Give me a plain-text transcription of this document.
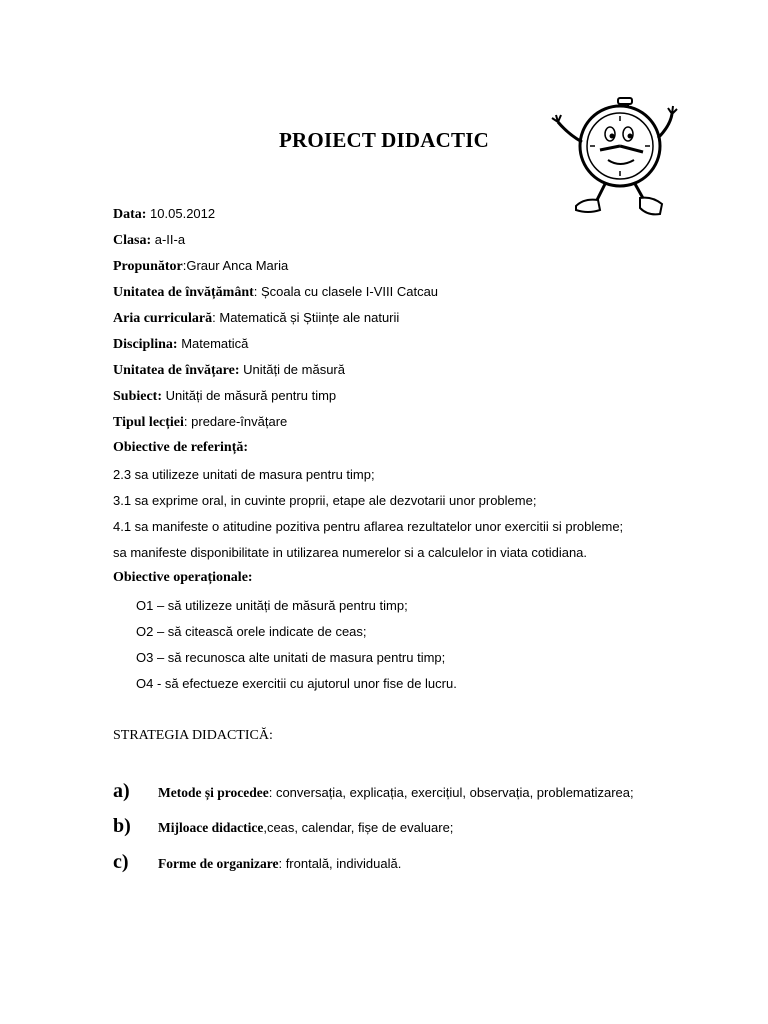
PROIECT DIDACTIC
Data: 10.05.2012
Clasa: a-II-a
Propunător:Graur Anca Maria
Unitatea de învățământ: Școala cu clasele I-VIII Catcau
Aria curriculară: Matematică și Științe ale naturii
Disciplina: Matematică
Unitatea de învățare: Unități de măsură
Subiect: Unități de măsură pentru timp
Tipul lecției: predare-învățare
Obiective de referință:
2.3 sa utilizeze unitati de masura pentru timp;
3.1 sa exprime oral, in cuvinte proprii, etape ale dezvotarii unor probleme;
4.1 sa manifeste o atitudine pozitiva pentru aflarea rezultatelor unor exercitii si probleme;
sa manifeste disponibilitate in utilizarea numerelor si a calculelor in viata cotidiana.
Obiective operaționale:
O1 – să utilizeze unități de măsură pentru timp;
O2 – să citească orele indicate de ceas;
O3 – să recunosca alte unitati de masura pentru timp;
O4 - să efectueze exercitii cu ajutorul unor fise de lucru.
STRATEGIA DIDACTICĂ:
a) Metode și procedee: conversația, explicația, exercițiul, observația, problematizarea;
b) Mijloace didactice,ceas, calendar, fișe de evaluare;
c) Forme de organizare: frontală, individuală.
